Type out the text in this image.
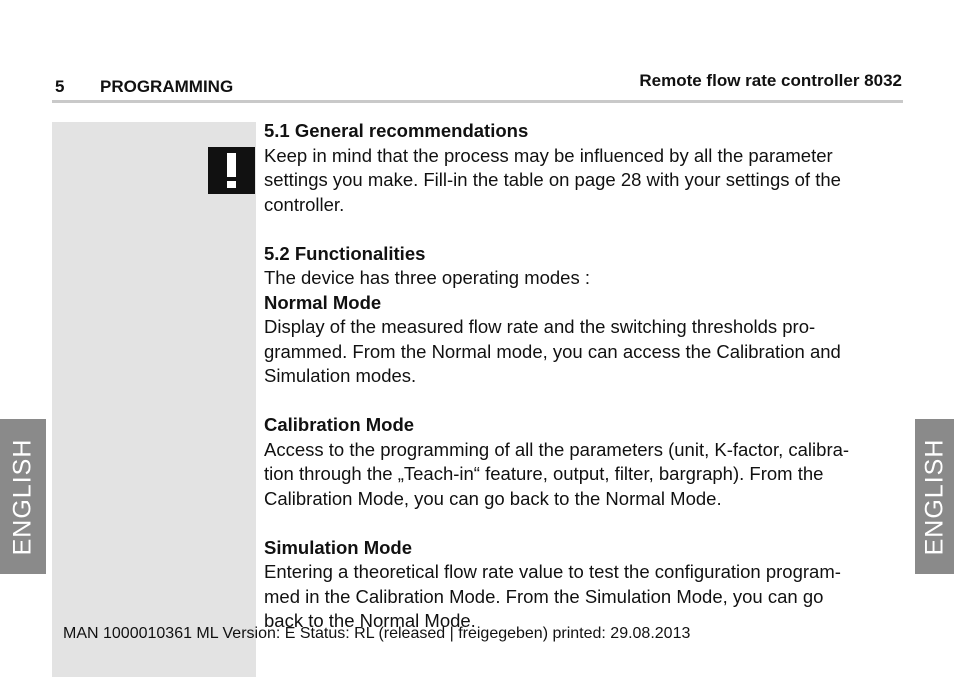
5 PROGRAMMING	Remote flow rate controller 8032
ENGLISH	ENGLISH

5.1 General recommendations

Keep in mind that the process may be influenced by all the parameter

settings you make. Fill-in the table on page 28 with your settings of the

controller.

5.2 Functionalities

The device has three operating modes :

Normal Mode

Display of the measured flow rate and the switching thresholds pro-

grammed. From the Normal mode, you can access the Calibration and

Simulation modes.

Calibration Mode

Access to the programming of all the parameters (unit, K-factor, calibra-

tion through the „Teach-in“ feature, output, filter, bargraph). From the

Calibration Mode, you can go back to the Normal Mode.

Simulation Mode

Entering a theoretical flow rate value to test the configuration program-

med in the Calibration Mode. From the Simulation Mode, you can go

back to the Normal Mode.

MAN 1000010361 ML Version: E Status: RL (released | freigegeben) printed: 29.08.2013
